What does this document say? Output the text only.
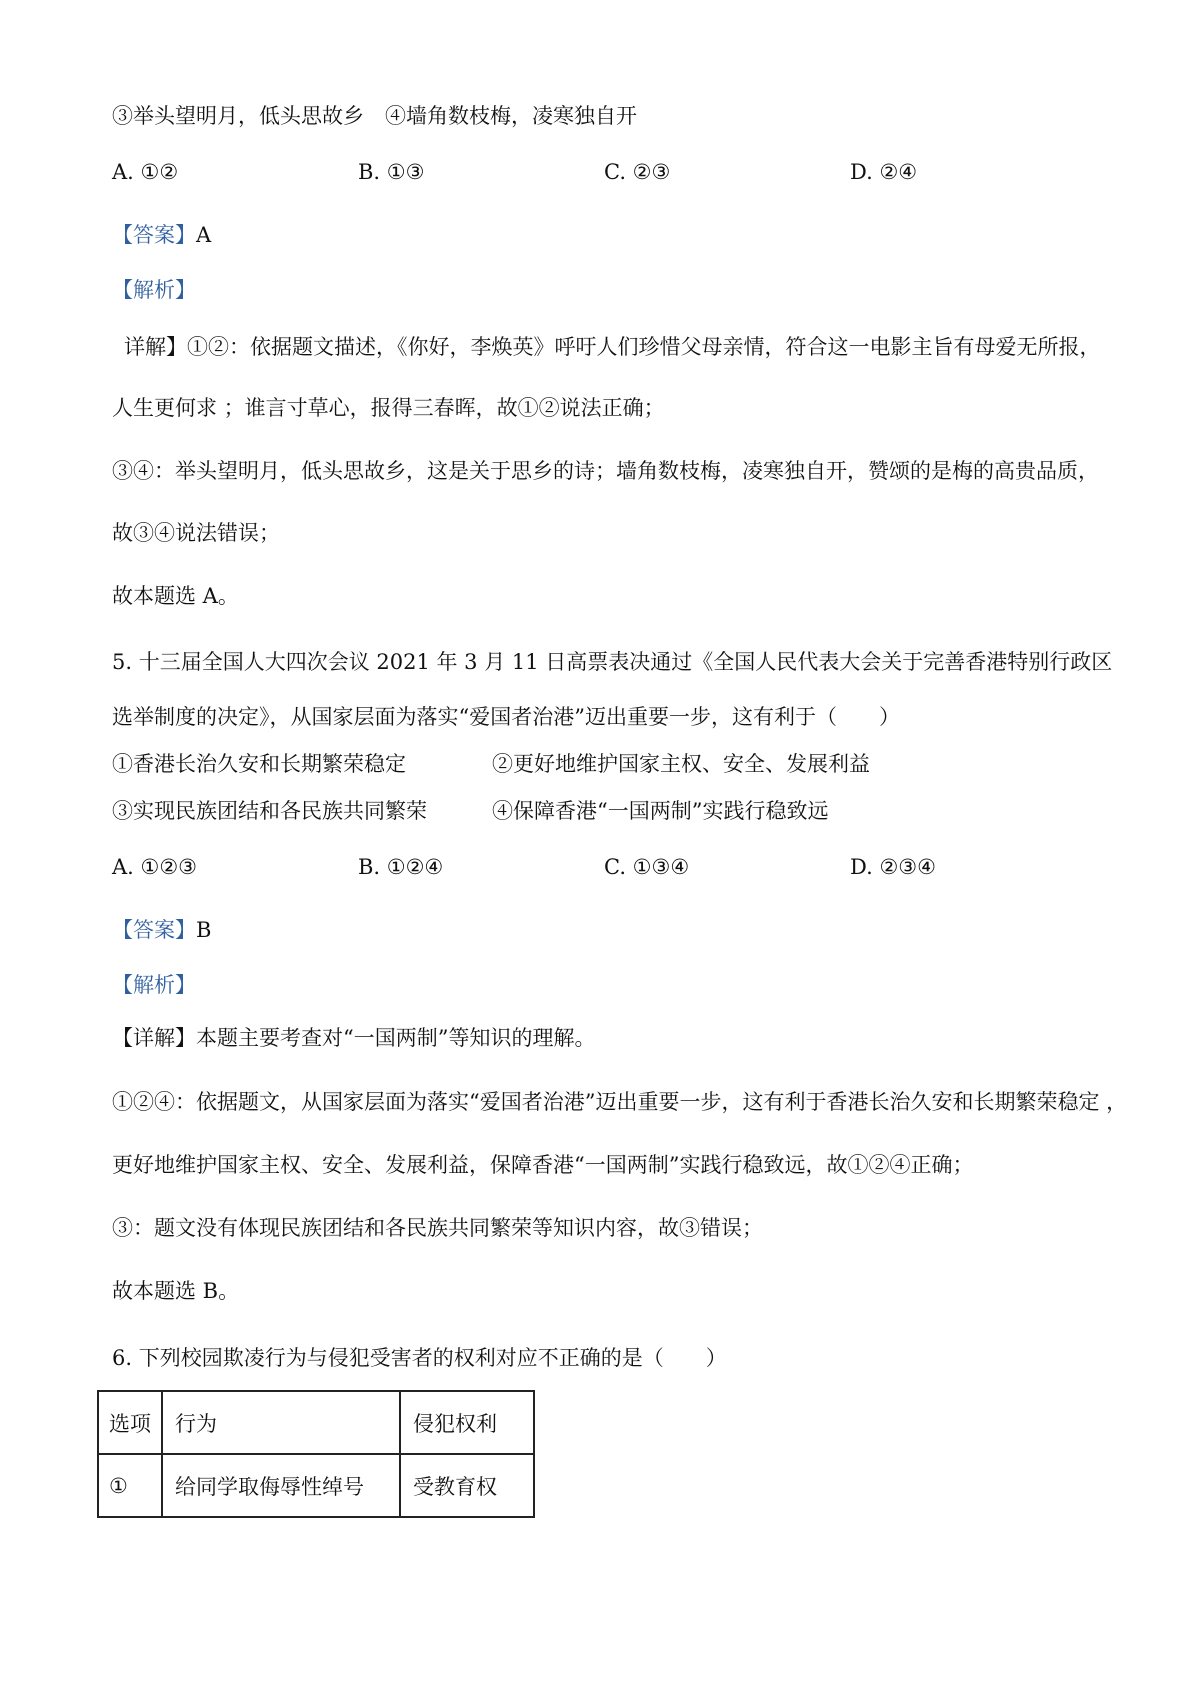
③举头望明月，低头思故乡　④墙角数枝梅，凌寒独自开
A. ①②	B. ①③	C. ②③	D. ②④
【答案】A
【解析】
详解】①②：依据题文描述，《你好，李焕英》呼吁人们珍惜父母亲情，符合这一电影主旨有母爱无所报，
人生更何求 ；谁言寸草心，报得三春晖，故①②说法正确；
③④：举头望明月，低头思故乡，这是关于思乡的诗；墙角数枝梅，凌寒独自开，赞颂的是梅的高贵品质，
故③④说法错误；
故本题选 A。
5. 十三届全国人大四次会议 2021 年 3 月 11 日高票表决通过《全国人民代表大会关于完善香港特别行政区
选举制度的决定》，从国家层面为落实“爱国者治港”迈出重要一步，这有利于（　　）
①香港长治久安和长期繁荣稳定	②更好地维护国家主权、安全、发展利益
③实现民族团结和各民族共同繁荣	④保障香港“一国两制”实践行稳致远
A. ①②③	B. ①②④	C. ①③④	D. ②③④
【答案】B
【解析】
【详解】本题主要考查对“一国两制”等知识的理解。
①②④：依据题文，从国家层面为落实“爱国者治港”迈出重要一步，这有利于香港长治久安和长期繁荣稳定 ，
更好地维护国家主权、安全、发展利益，保障香港“一国两制”实践行稳致远，故①②④正确；
③：题文没有体现民族团结和各民族共同繁荣等知识内容，故③错误；
故本题选 B。
6. 下列校园欺凌行为与侵犯受害者的权利对应不正确的是（　　）
选项	行为	侵犯权利
①	给同学取侮辱性绰号	受教育权
